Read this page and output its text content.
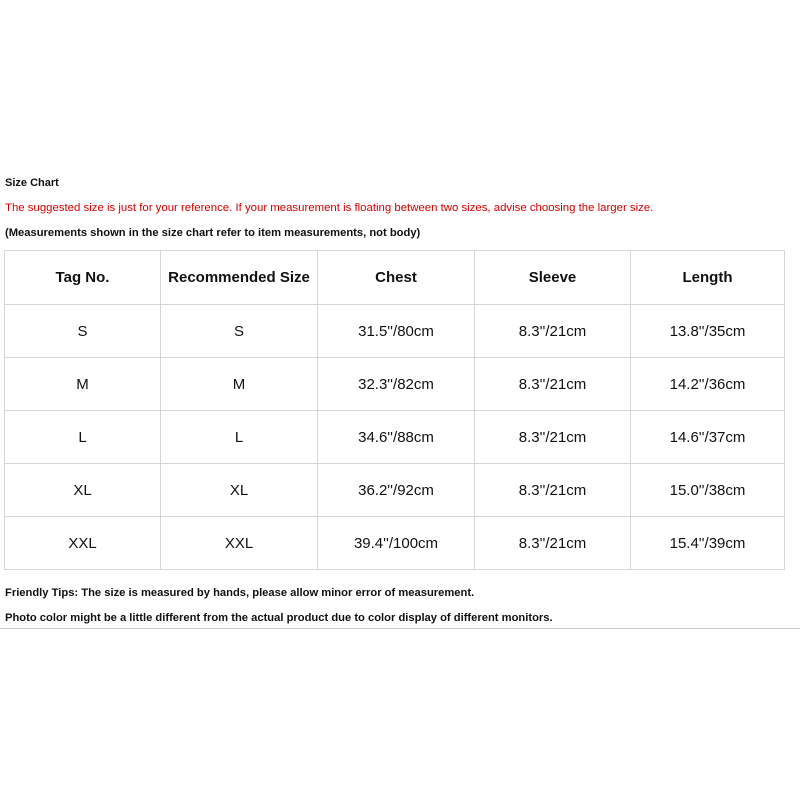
Size Chart
The suggested size is just for your reference. If your measurement is floating between two sizes, advise choosing the larger size.
(Measurements shown in the size chart refer to item measurements, not body)
Tag No.	Recommended Size	Chest	Sleeve	Length
S	S	31.5''/80cm	8.3''/21cm	13.8''/35cm
M	M	32.3''/82cm	8.3''/21cm	14.2''/36cm
L	L	34.6''/88cm	8.3''/21cm	14.6''/37cm
XL	XL	36.2''/92cm	8.3''/21cm	15.0''/38cm
XXL	XXL	39.4''/100cm	8.3''/21cm	15.4''/39cm
Friendly Tips: The size is measured by hands, please allow minor error of measurement.
Photo color might be a little different from the actual product due to color display of different monitors.
